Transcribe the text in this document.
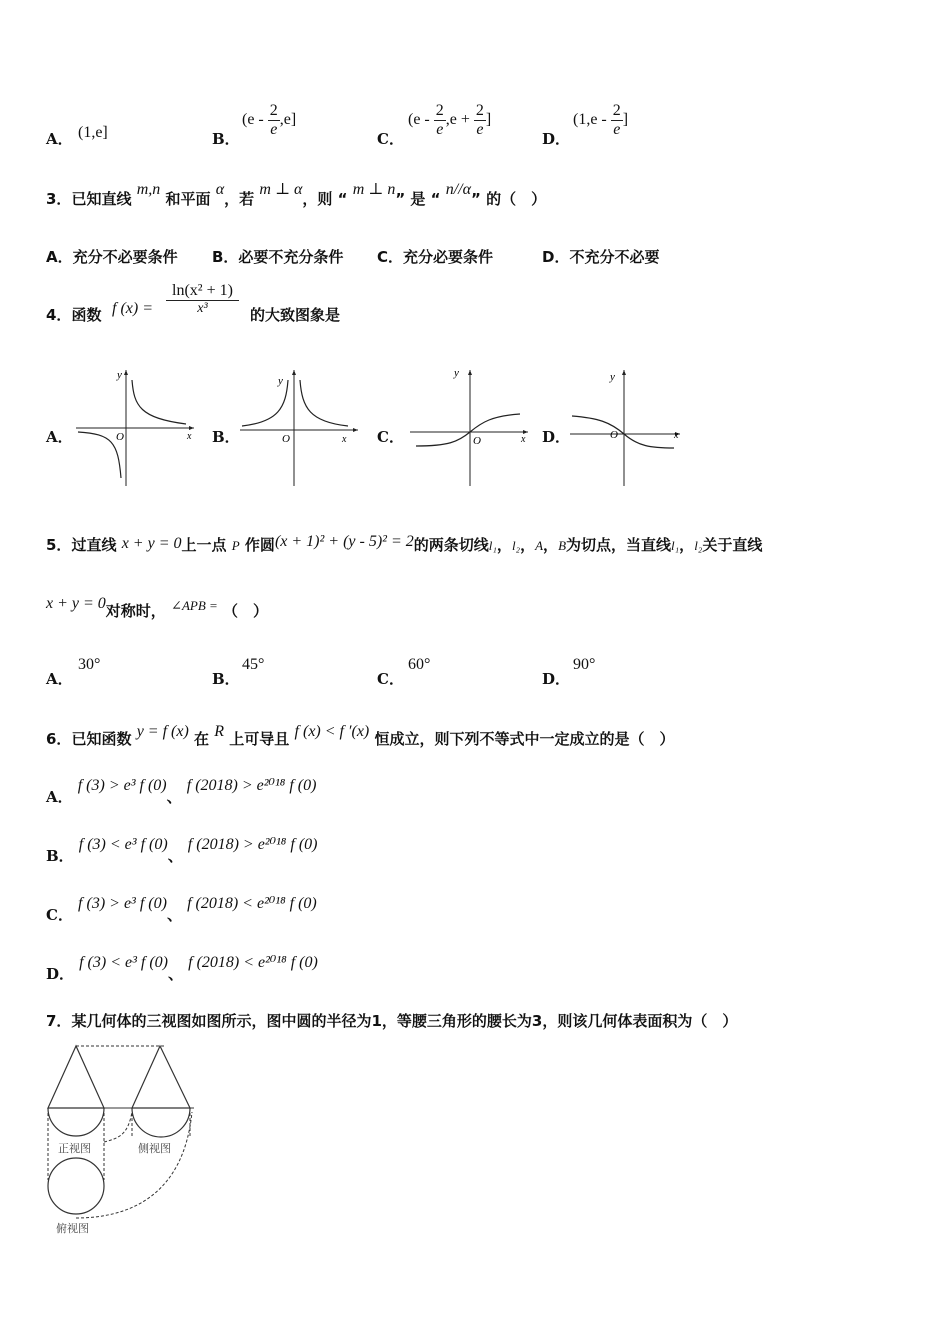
A． (1,e]	B．
$(e - \frac{2}{e} ,e]$
C．
($e - \frac{2}{e} ,e + \frac{2}{e}$ ]
D．
($1,e - \frac{2}{e}$ ]
3．已知直线 m,n 和平面 α，若 m ⊥ α，则 “ m ⊥ n” 是 “ n//α” 的（　）
A．充分不必要条件 B．必要不充分条件 C．充分必要条件	D．不充分不必要
4．函数 f $(x) = \frac{\text{ln(x² + 1)}}{\text{x³}}$ 的大致图象是
A．	B．	C．	D．
y
x
O
y
x
O
y
x
O
y
x
O
5．过直线 x + y = 0上一点 P 作圆(x + 1)² + (y - 5)² = 2的两条切线l₁，l₂，A，B为切点，当直线l₁，l₂关于直线
x + y = 0对称时， ∠APB = （　）
A．
30°
B．
45°
C．
60°
D．
90°
6．已知函数 y = f (x) 在 R 上可导且 f (x) < f ′(x) 恒成立，则下列不等式中一定成立的是（　）
A． f (3) > e³ f (0)、 f (2018) > e²⁰¹⁸ f (0)
B． f (3) < e³ f (0)、 f (2018) > e²⁰¹⁸ f (0)
C． f (3) > e³ f (0)、 f (2018) < e²⁰¹⁸ f (0)
D． f (3) < e³ f (0)、 f (2018) < e²⁰¹⁸ f (0)
7．某几何体的三视图如图所示，图中圆的半径为1，等腰三角形的腰长为3，则该几何体表面积为（　）
正视图	侧视图
俯视图
